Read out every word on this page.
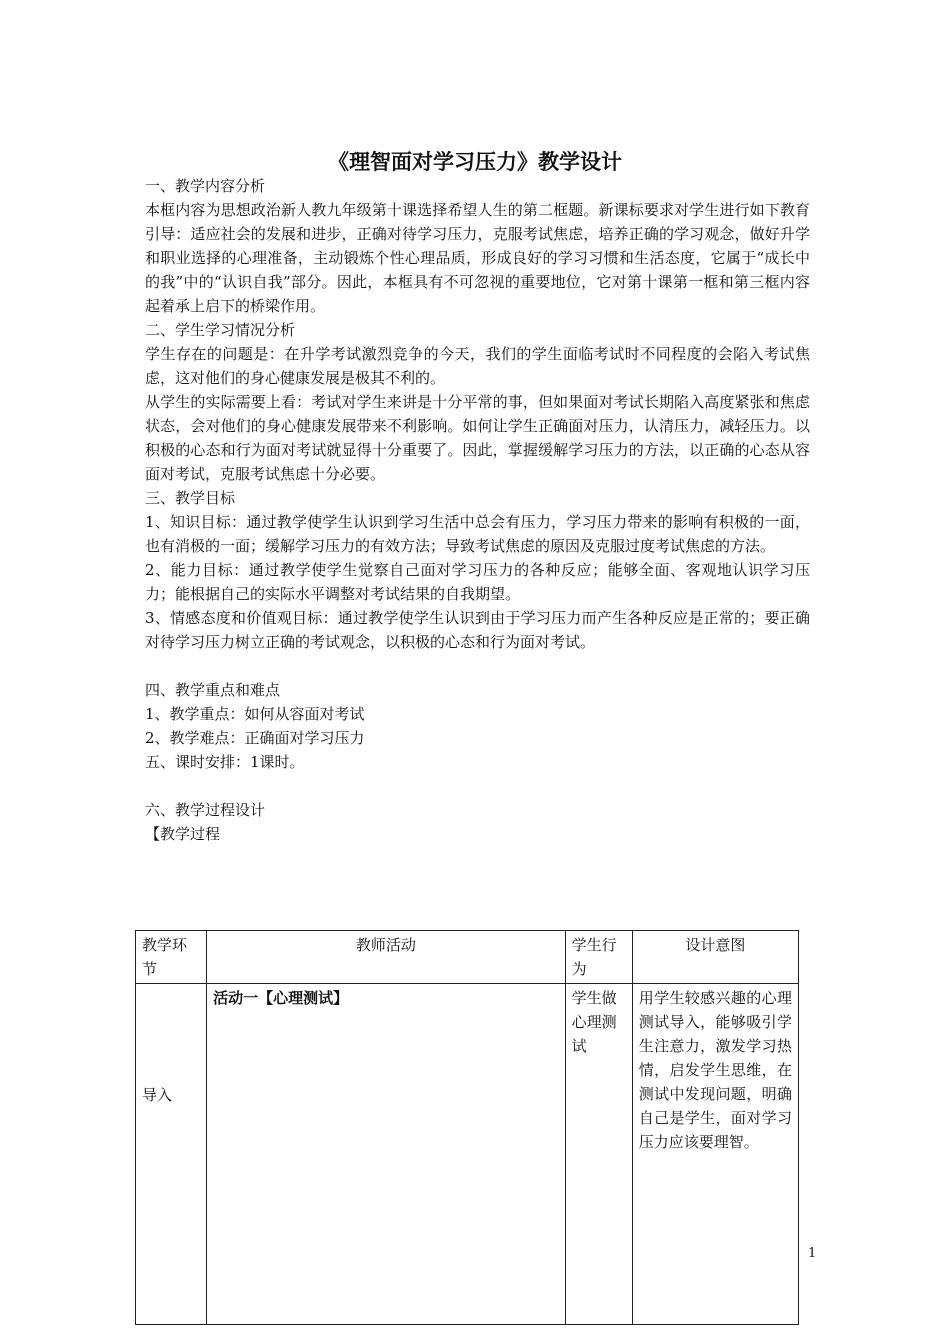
《理智面对学习压力》教学设计

一、教学内容分析

本框内容为思想政治新人教九年级第十课选择希望人生的第二框题。新课标要求对学生进行如下教育引导：适应社会的发展和进步，正确对待学习压力，克服考试焦虑，培养正确的学习观念，做好升学和职业选择的心理准备，主动锻炼个性心理品质，形成良好的学习习惯和生活态度，它属于“成长中的我”中的“认识自我”部分。因此，本框具有不可忽视的重要地位，它对第十课第一框和第三框内容起着承上启下的桥梁作用。

二、学生学习情况分析

学生存在的问题是：在升学考试激烈竞争的今天，我们的学生面临考试时不同程度的会陷入考试焦虑，这对他们的身心健康发展是极其不利的。

从学生的实际需要上看：考试对学生来讲是十分平常的事，但如果面对考试长期陷入高度紧张和焦虑状态，会对他们的身心健康发展带来不利影响。如何让学生正确面对压力，认清压力，减轻压力。以积极的心态和行为面对考试就显得十分重要了。因此，掌握缓解学习压力的方法，以正确的心态从容面对考试，克服考试焦虑十分必要。

三、教学目标

1、知识目标：通过教学使学生认识到学习生活中总会有压力，学习压力带来的影响有积极的一面，也有消极的一面；缓解学习压力的有效方法；导致考试焦虑的原因及克服过度考试焦虑的方法。

2、能力目标：通过教学使学生觉察自己面对学习压力的各种反应；能够全面、客观地认识学习压力；能根据自己的实际水平调整对考试结果的自我期望。

3、情感态度和价值观目标：通过教学使学生认识到由于学习压力而产生各种反应是正常的；要正确对待学习压力树立正确的考试观念，以积极的心态和行为面对考试。

四、教学重点和难点

1、教学重点：如何从容面对考试

2、教学难点：正确面对学习压力

五、课时安排：1课时。

六、教学过程设计

【教学过程

教学环节	教师活动	学生行为	设计意图
导入	活动一【心理测试】	学生做心理测试	用学生较感兴趣的心理测试导入，能够吸引学生注意力，激发学习热情，启发学生思维，在测试中发现问题，明确自己是学生，面对学习压力应该要理智。
1
